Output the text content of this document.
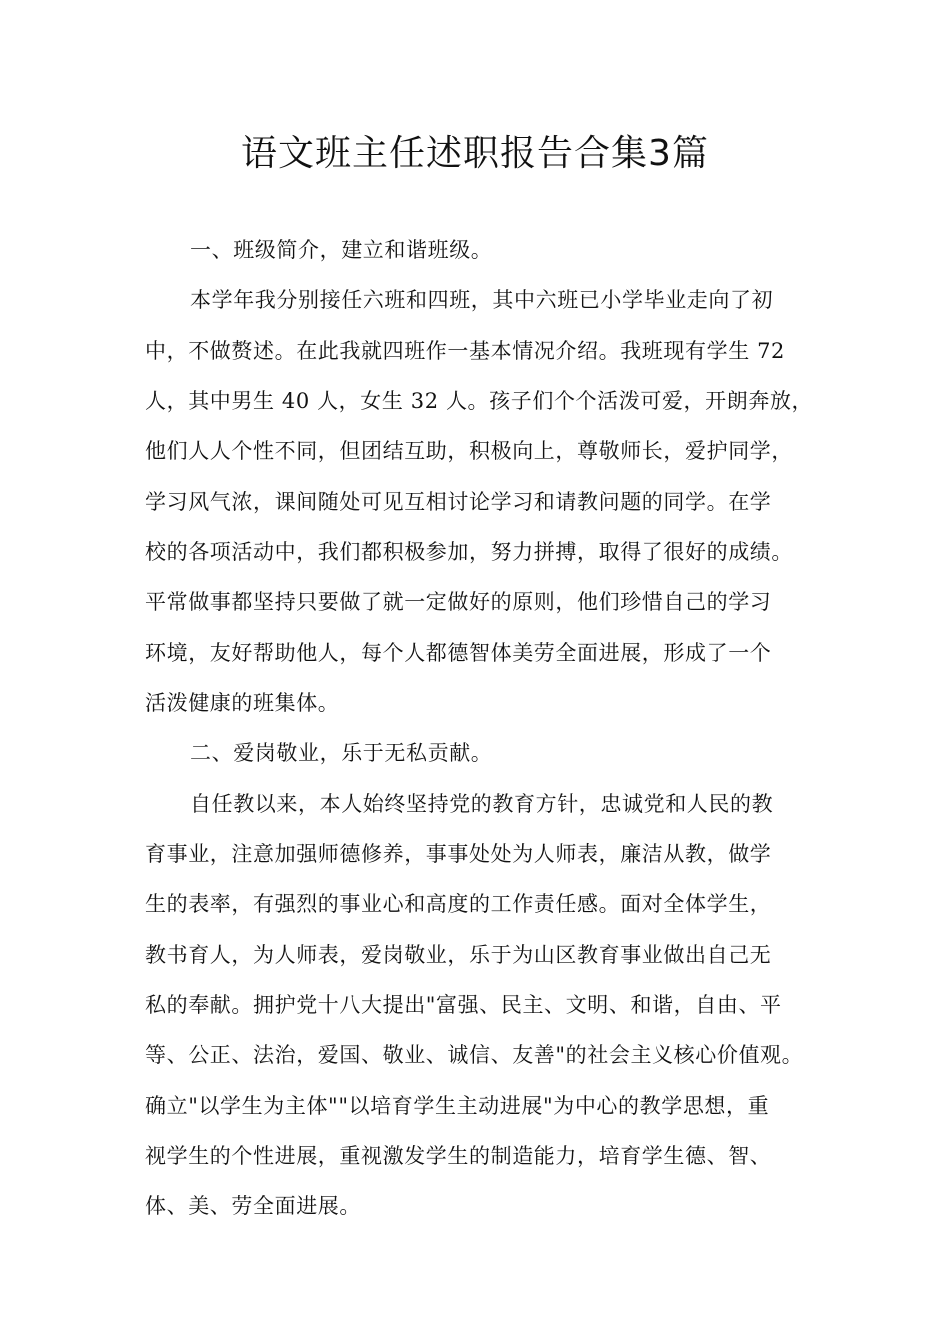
语文班主任述职报告合集3篇
一、班级简介，建立和谐班级。
本学年我分别接任六班和四班，其中六班已小学毕业走向了初
中，不做赘述。在此我就四班作一基本情况介绍。我班现有学生 72
人，其中男生 40 人，女生 32 人。孩子们个个活泼可爱，开朗奔放，
他们人人个性不同，但团结互助，积极向上，尊敬师长，爱护同学，
学习风气浓，课间随处可见互相讨论学习和请教问题的同学。在学
校的各项活动中，我们都积极参加，努力拼搏，取得了很好的成绩。
平常做事都坚持只要做了就一定做好的原则，他们珍惜自己的学习
环境，友好帮助他人，每个人都德智体美劳全面进展，形成了一个
活泼健康的班集体。
二、爱岗敬业，乐于无私贡献。
自任教以来，本人始终坚持党的教育方针，忠诚党和人民的教
育事业，注意加强师德修养，事事处处为人师表，廉洁从教，做学
生的表率，有强烈的事业心和高度的工作责任感。面对全体学生，
教书育人，为人师表，爱岗敬业，乐于为山区教育事业做出自己无
私的奉献。拥护党十八大提出"富强、民主、文明、和谐，自由、平
等、公正、法治，爱国、敬业、诚信、友善"的社会主义核心价值观。
确立"以学生为主体""以培育学生主动进展"为中心的教学思想，重
视学生的个性进展，重视激发学生的制造能力，培育学生德、智、
体、美、劳全面进展。
